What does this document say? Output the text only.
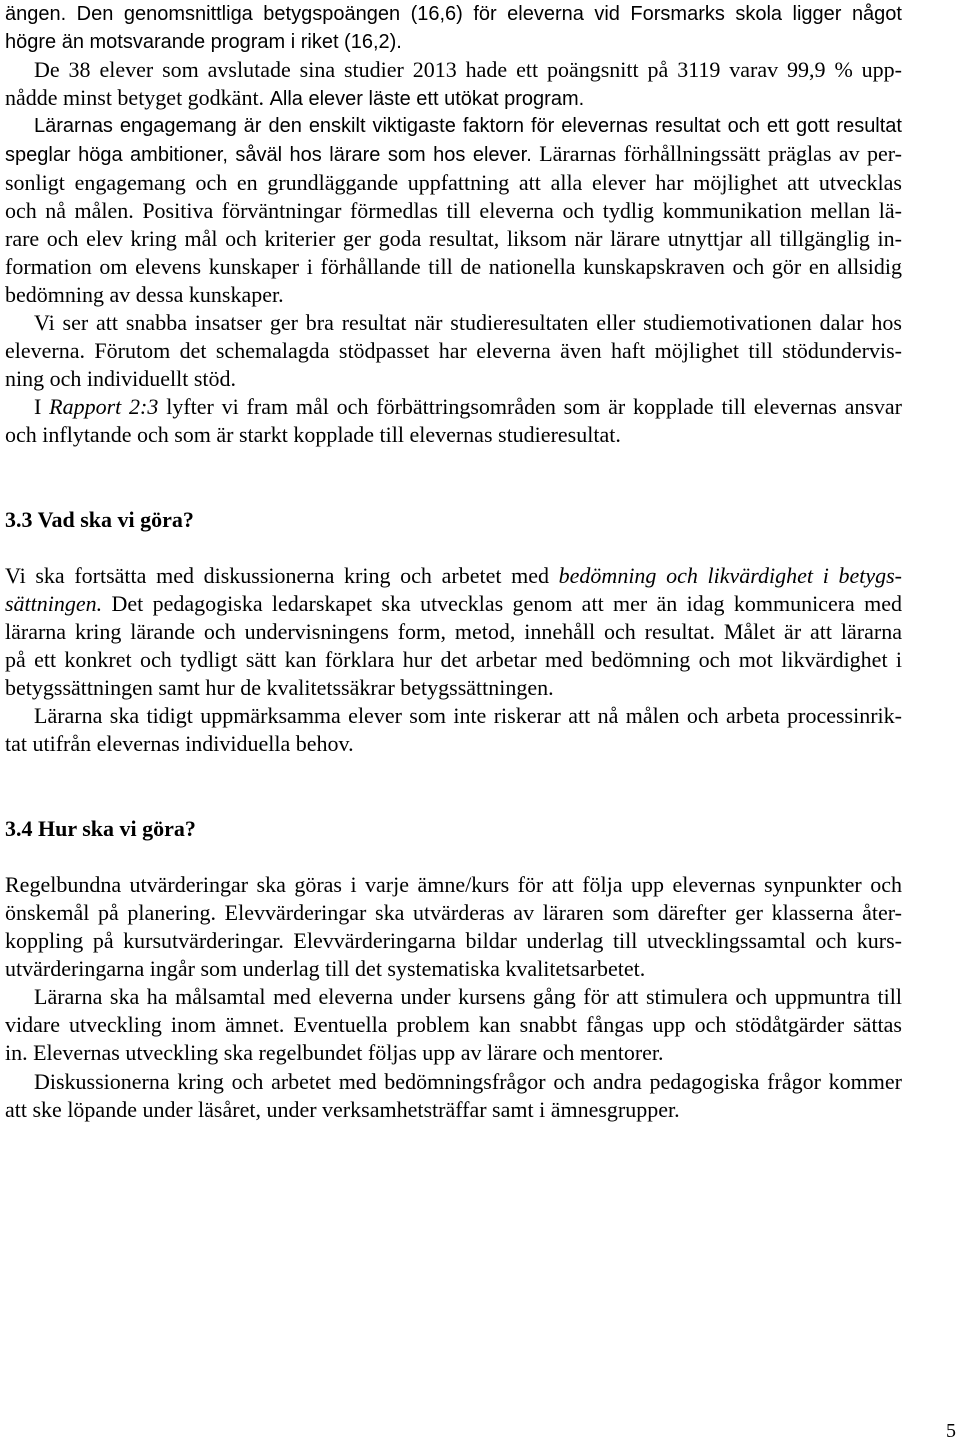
ängen. Den genomsnittliga betygspoängen (16,6) för eleverna vid Forsmarks skola ligger något
högre än motsvarande program i riket (16,2).
De 38 elever som avslutade sina studier 2013 hade ett poängsnitt på 3119 varav 99,9 % upp-
nådde minst betyget godkänt. Alla elever läste ett utökat program.
Lärarnas engagemang är den enskilt viktigaste faktorn för elevernas resultat och ett gott resultat
speglar höga ambitioner, såväl hos lärare som hos elever. Lärarnas förhållningssätt präglas av per-
sonligt engagemang och en grundläggande uppfattning att alla elever har möjlighet att utvecklas
och nå målen. Positiva förväntningar förmedlas till eleverna och tydlig kommunikation mellan lä-
rare och elev kring mål och kriterier ger goda resultat, liksom när lärare utnyttjar all tillgänglig in-
formation om elevens kunskaper i förhållande till de nationella kunskapskraven och gör en allsidig
bedömning av dessa kunskaper.
Vi ser att snabba insatser ger bra resultat när studieresultaten eller studiemotivationen dalar hos
eleverna. Förutom det schemalagda stödpasset har eleverna även haft möjlighet till stödundervis-
ning och individuellt stöd.
I Rapport 2:3 lyfter vi fram mål och förbättringsområden som är kopplade till elevernas ansvar
och inflytande och som är starkt kopplade till elevernas studieresultat.
3.3 Vad ska vi göra?
Vi ska fortsätta med diskussionerna kring och arbetet med bedömning och likvärdighet i betygs-
sättningen. Det pedagogiska ledarskapet ska utvecklas genom att mer än idag kommunicera med
lärarna kring lärande och undervisningens form, metod, innehåll och resultat. Målet är att lärarna
på ett konkret och tydligt sätt kan förklara hur det arbetar med bedömning och mot likvärdighet i
betygssättningen samt hur de kvalitetssäkrar betygssättningen.
Lärarna ska tidigt uppmärksamma elever som inte riskerar att nå målen och arbeta processinrik-
tat utifrån elevernas individuella behov.
3.4 Hur ska vi göra?
Regelbundna utvärderingar ska göras i varje ämne/kurs för att följa upp elevernas synpunkter och
önskemål på planering. Elevvärderingar ska utvärderas av läraren som därefter ger klasserna åter-
koppling på kursutvärderingar. Elevvärderingarna bildar underlag till utvecklingssamtal och kurs-
utvärderingarna ingår som underlag till det systematiska kvalitetsarbetet.
Lärarna ska ha målsamtal med eleverna under kursens gång för att stimulera och uppmuntra till
vidare utveckling inom ämnet. Eventuella problem kan snabbt fångas upp och stödåtgärder sättas
in. Elevernas utveckling ska regelbundet följas upp av lärare och mentorer.
Diskussionerna kring och arbetet med bedömningsfrågor och andra pedagogiska frågor kommer
att ske löpande under läsåret, under verksamhetsträffar samt i ämnesgrupper.
5
